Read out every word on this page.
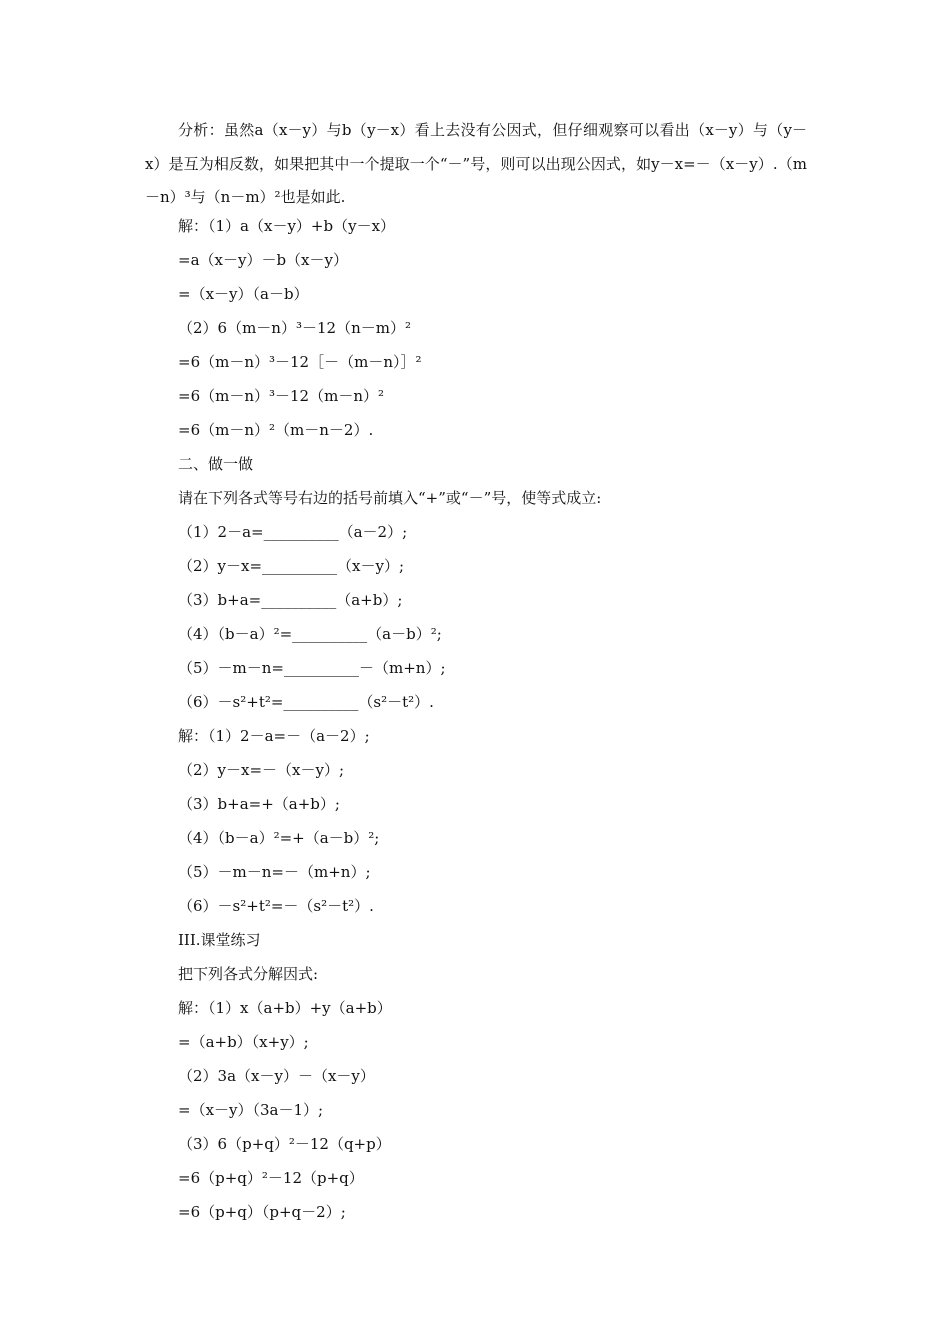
分析：虽然a（x－y）与b（y－x）看上去没有公因式，但仔细观察可以看出（x－y）与（y－x）是互为相反数，如果把其中一个提取一个“－”号，则可以出现公因式，如y－x=－（x－y）.（m－n）³与（n－m）²也是如此.
解：（1）a（x－y）+b（y－x）
=a（x－y）－b（x－y）
=（x－y）（a－b）
（2）6（m－n）³－12（n－m）²
=6（m－n）³－12［－（m－n）］²
=6（m－n）³－12（m－n）²
=6（m－n）²（m－n－2）.
二、做一做
请在下列各式等号右边的括号前填入“+”或“－”号，使等式成立:
（1）2－a=__________（a－2）;
（2）y－x=__________（x－y）;
（3）b+a=__________（a+b）;
（4）（b－a）²=__________（a－b）²;
（5）－m－n=__________－（m+n）;
（6）－s²+t²=__________（s²－t²）.
解：（1）2－a=－（a－2）;
（2）y－x=－（x－y）;
（3）b+a=+（a+b）;
（4）（b－a）²=+（a－b）²;
（5）－m－n=－（m+n）;
（6）－s²+t²=－（s²－t²）.
III.课堂练习
把下列各式分解因式:
解：（1）x（a+b）+y（a+b）
=（a+b）（x+y）;
（2）3a（x－y）－（x－y）
=（x－y）（3a－1）;
（3）6（p+q）²－12（q+p）
=6（p+q）²－12（p+q）
=6（p+q）（p+q－2）;
